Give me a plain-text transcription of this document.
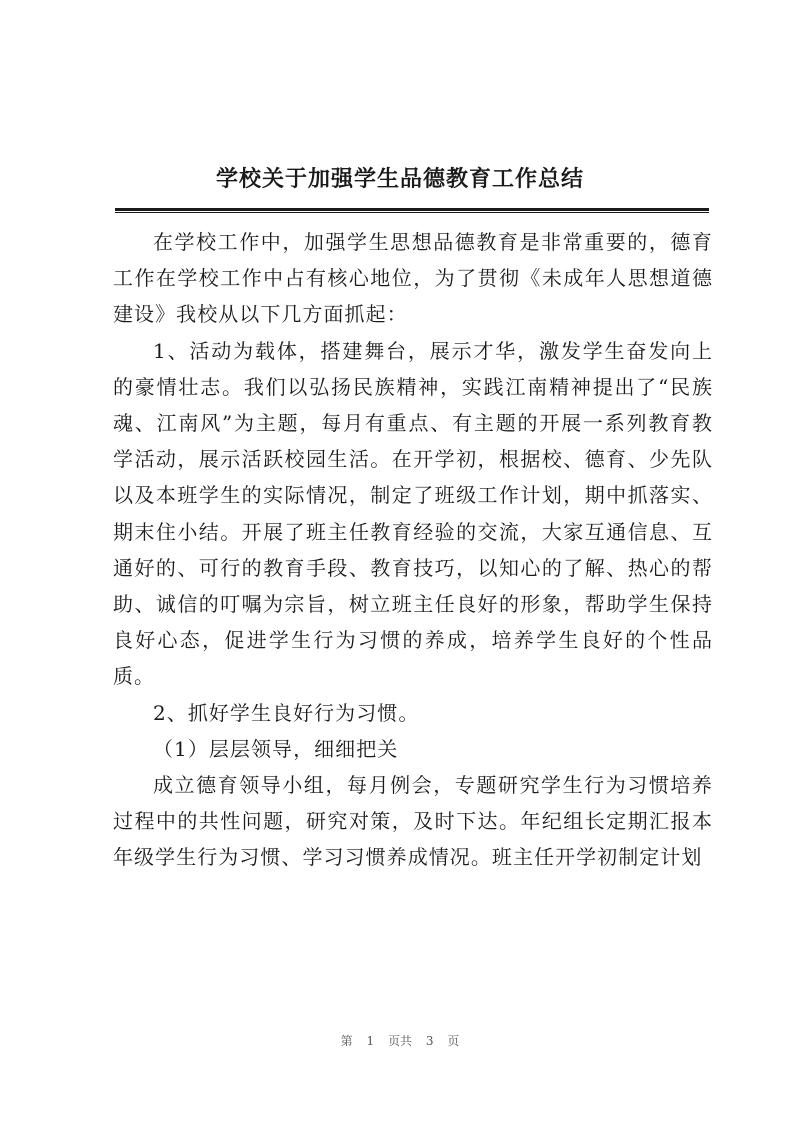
学校关于加强学生品德教育工作总结

在学校工作中，加强学生思想品德教育是非常重要的，德育工作在学校工作中占有核心地位，为了贯彻《未成年人思想道德建设》我校从以下几方面抓起：

1、活动为载体，搭建舞台，展示才华，激发学生奋发向上的豪情壮志。我们以弘扬民族精神，实践江南精神提出了“民族魂、江南风”为主题，每月有重点、有主题的开展一系列教育教学活动，展示活跃校园生活。在开学初，根据校、德育、少先队以及本班学生的实际情况，制定了班级工作计划，期中抓落实、期末住小结。开展了班主任教育经验的交流，大家互通信息、互通好的、可行的教育手段、教育技巧，以知心的了解、热心的帮助、诚信的叮嘱为宗旨，树立班主任良好的形象，帮助学生保持良好心态，促进学生行为习惯的养成，培养学生良好的个性品质。

2、抓好学生良好行为习惯。

（1）层层领导，细细把关

成立德育领导小组，每月例会，专题研究学生行为习惯培养过程中的共性问题，研究对策，及时下达。年纪组长定期汇报本年级学生行为习惯、学习习惯养成情况。班主任开学初制定计划

第 1 页共 3 页
